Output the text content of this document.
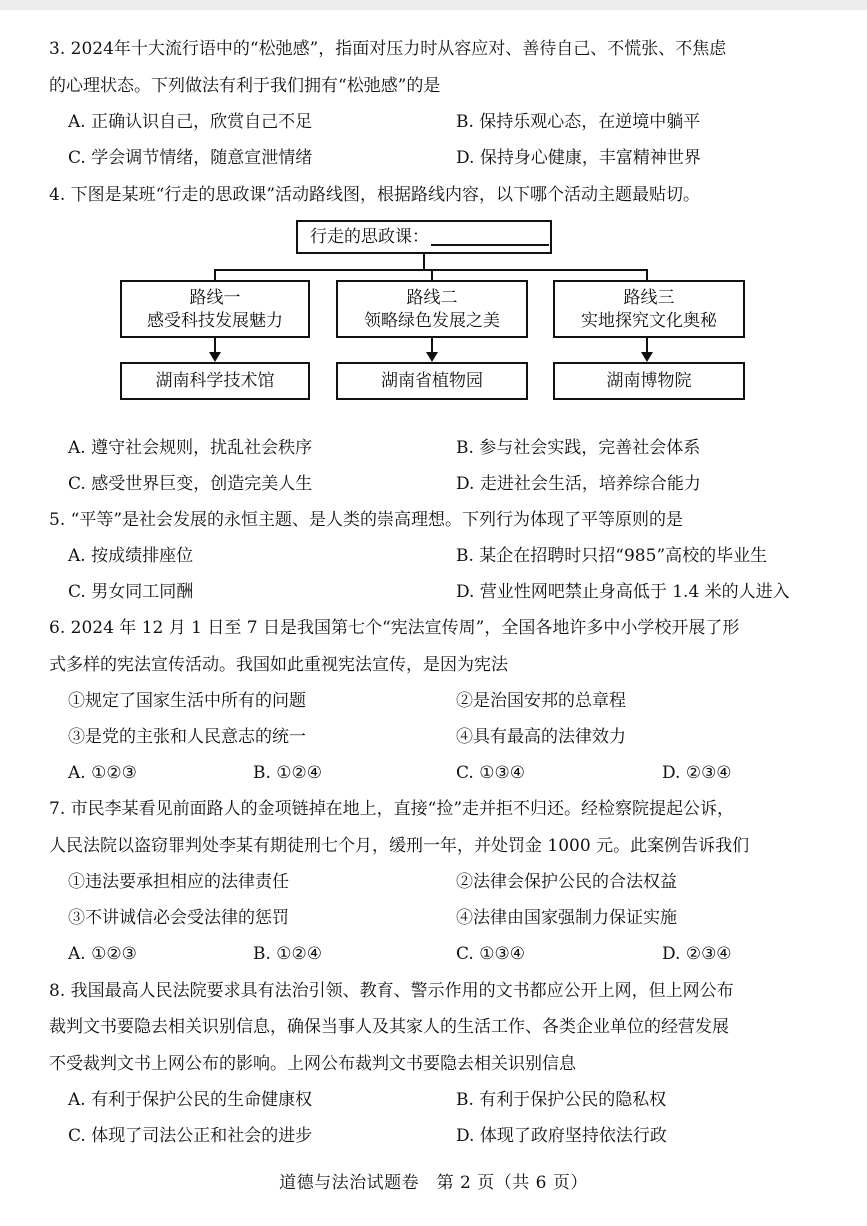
3. 2024年十大流行语中的“松弛感”，指面对压力时从容应对、善待自己、不慌张、不焦虑
的心理状态。下列做法有利于我们拥有“松弛感”的是
A. 正确认识自己，欣赏自己不足	B. 保持乐观心态，在逆境中躺平
C. 学会调节情绪，随意宣泄情绪	D. 保持身心健康，丰富精神世界
4. 下图是某班“行走的思政课”活动路线图，根据路线内容，以下哪个活动主题最贴切。
行走的思政课：
路线一
感受科技发展魅力
湖南科学技术馆
路线二
领略绿色发展之美
湖南省植物园
路线三
实地探究文化奥秘
湖南博物院
A. 遵守社会规则，扰乱社会秩序	B. 参与社会实践，完善社会体系
C. 感受世界巨变，创造完美人生	D. 走进社会生活，培养综合能力
5. “平等”是社会发展的永恒主题、是人类的崇高理想。下列行为体现了平等原则的是
A. 按成绩排座位	B. 某企在招聘时只招“985”高校的毕业生
C. 男女同工同酬	D. 营业性网吧禁止身高低于 1.4 米的人进入
6. 2024 年 12 月 1 日至 7 日是我国第七个“宪法宣传周”，全国各地许多中小学校开展了形
式多样的宪法宣传活动。我国如此重视宪法宣传，是因为宪法
①规定了国家生活中所有的问题	②是治国安邦的总章程
③是党的主张和人民意志的统一	④具有最高的法律效力
A. ①②③	B. ①②④	C. ①③④	D. ②③④
7. 市民李某看见前面路人的金项链掉在地上，直接“捡”走并拒不归还。经检察院提起公诉，
人民法院以盗窃罪判处李某有期徒刑七个月，缓刑一年，并处罚金 1000 元。此案例告诉我们
①违法要承担相应的法律责任	②法律会保护公民的合法权益
③不讲诚信必会受法律的惩罚	④法律由国家强制力保证实施
A. ①②③	B. ①②④	C. ①③④	D. ②③④
8. 我国最高人民法院要求具有法治引领、教育、警示作用的文书都应公开上网，但上网公布
裁判文书要隐去相关识别信息，确保当事人及其家人的生活工作、各类企业单位的经营发展
不受裁判文书上网公布的影响。上网公布裁判文书要隐去相关识别信息
A. 有利于保护公民的生命健康权	B. 有利于保护公民的隐私权
C. 体现了司法公正和社会的进步	D. 体现了政府坚持依法行政
道德与法治试题卷　第 2 页（共 6 页）
